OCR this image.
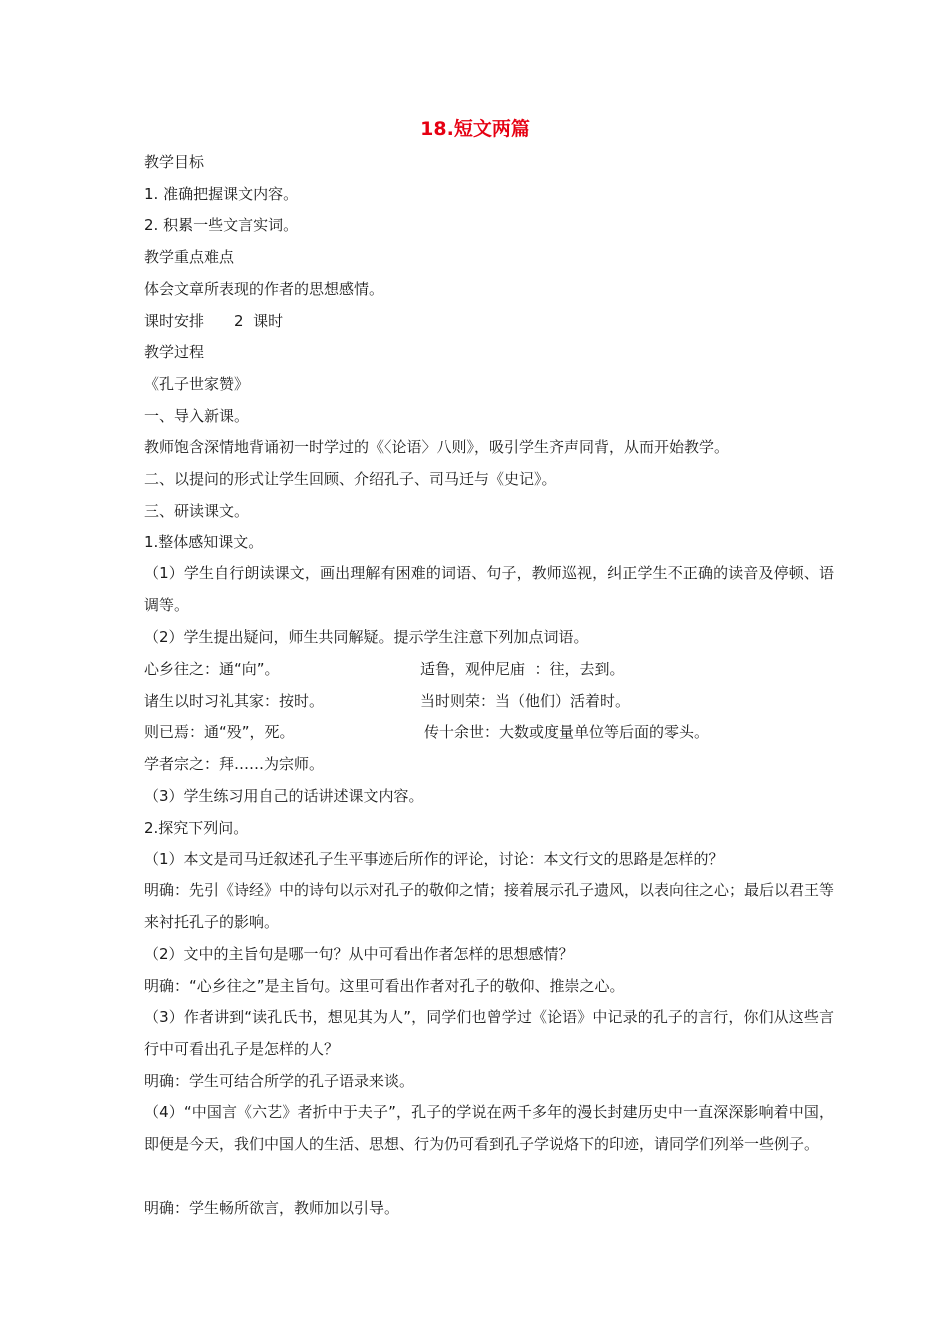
18.短文两篇
教学目标
1. 准确把握课文内容。
2. 积累一些文言实词。
教学重点难点
体会文章所表现的作者的思想感情。
课时安排　　2  课时
教学过程
《孔子世家赞》
一、导入新课。
教师饱含深情地背诵初一时学过的《〈论语〉八则》，吸引学生齐声同背，从而开始教学。
二、以提问的形式让学生回顾、介绍孔子、司马迁与《史记》。
三、研读课文。
1.整体感知课文。
（1）学生自行朗读课文，画出理解有困难的词语、句子，教师巡视，纠正学生不正确的读音及停顿、语调等。
（2）学生提出疑问，师生共同解疑。提示学生注意下列加点词语。
心乡往之：通“向”。	适鲁，观仲尼庙  ：往，去到。
诸生以时习礼其家：按时。	当时则荣：当（他们）活着时。
则已焉：通“殁”，死。	传十余世：大数或度量单位等后面的零头。
学者宗之：拜……为宗师。
（3）学生练习用自己的话讲述课文内容。
2.探究下列问。
（1）本文是司马迁叙述孔子生平事迹后所作的评论，讨论：本文行文的思路是怎样的？
明确：先引《诗经》中的诗句以示对孔子的敬仰之情；接着展示孔子遗风，以表向往之心；最后以君王等来衬托孔子的影响。
（2）文中的主旨句是哪一句？从中可看出作者怎样的思想感情？
明确：“心乡往之”是主旨句。这里可看出作者对孔子的敬仰、推崇之心。
（3）作者讲到“读孔氏书，想见其为人”，同学们也曾学过《论语》中记录的孔子的言行，你们从这些言行中可看出孔子是怎样的人？
明确：学生可结合所学的孔子语录来谈。
（4）“中国言《六艺》者折中于夫子”，孔子的学说在两千多年的漫长封建历史中一直深深影响着中国，即便是今天，我们中国人的生活、思想、行为仍可看到孔子学说烙下的印迹，请同学们列举一些例子。
明确：学生畅所欲言，教师加以引导。
